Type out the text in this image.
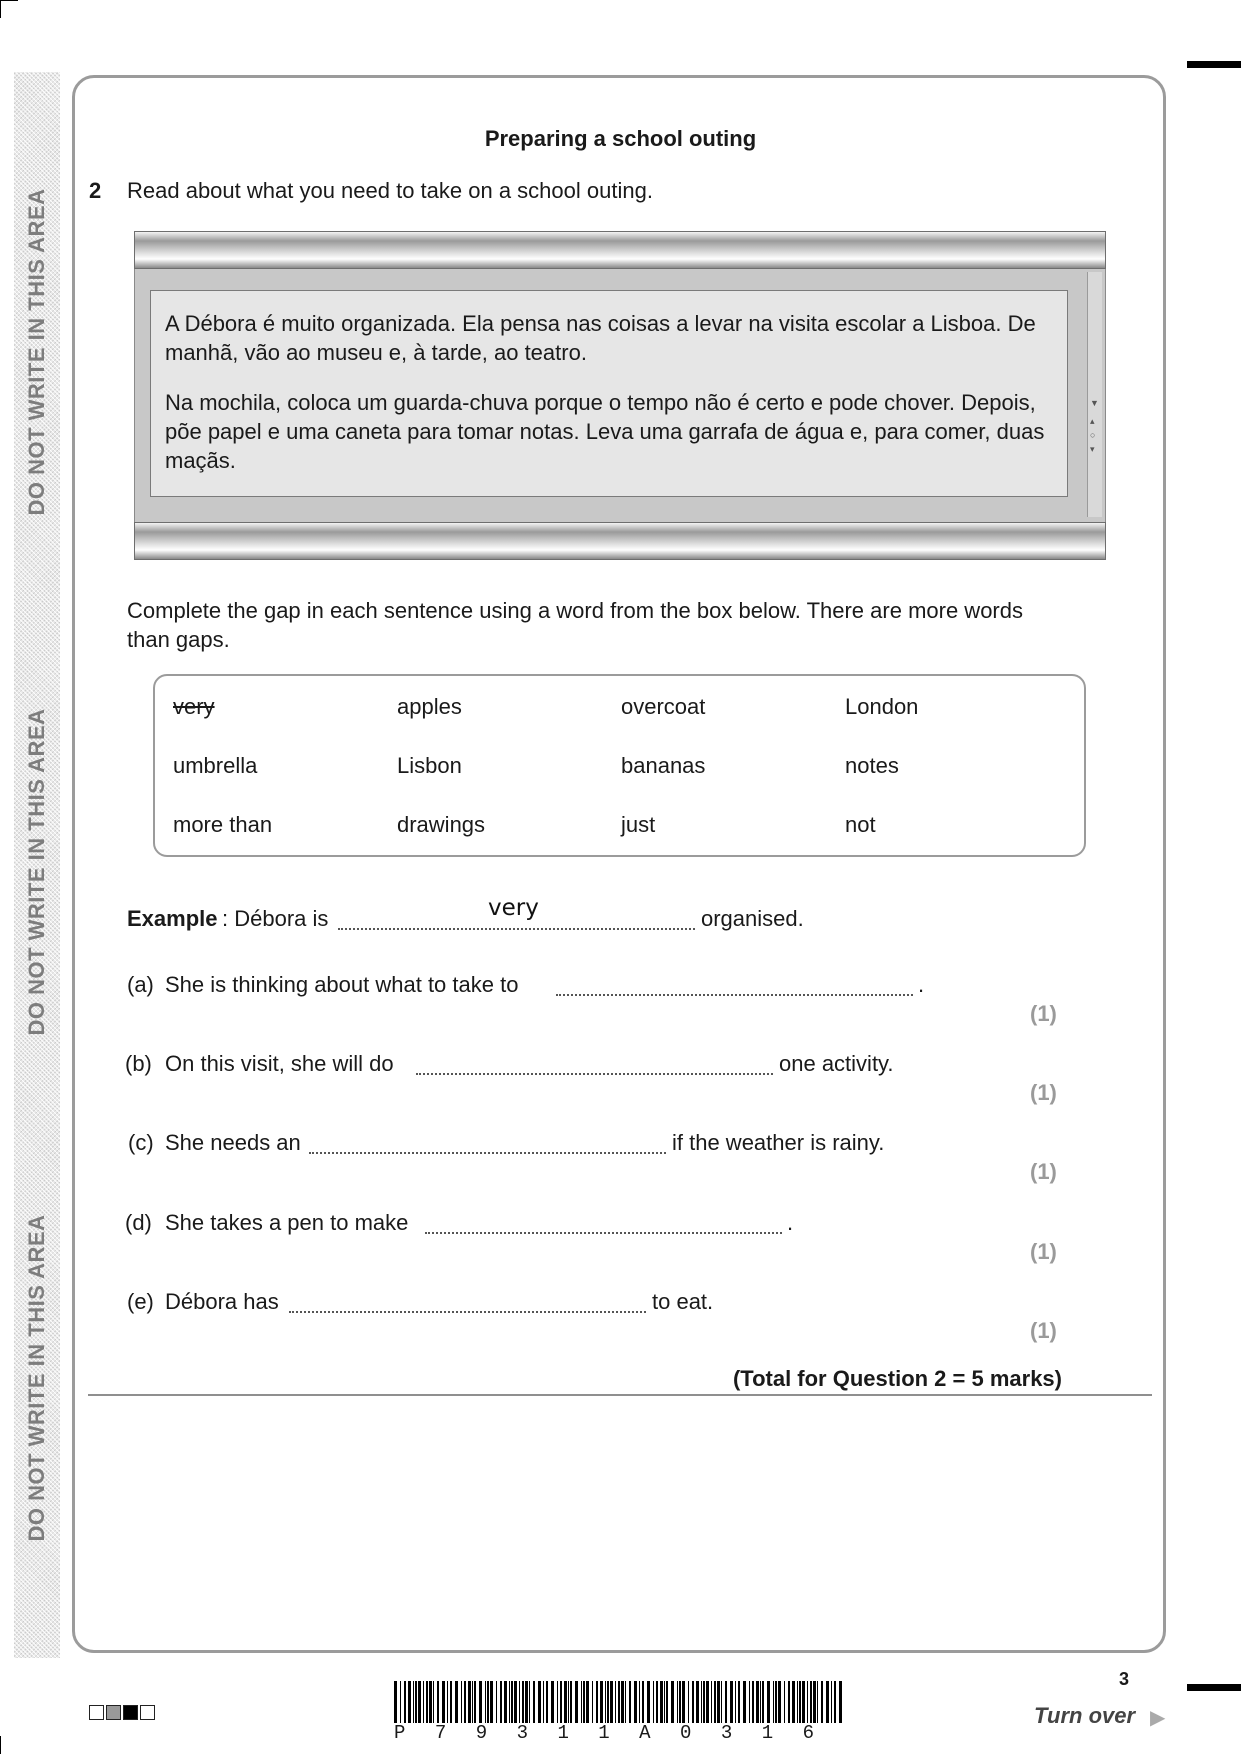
DO NOT WRITE IN THIS AREA
DO NOT WRITE IN THIS AREA
DO NOT WRITE IN THIS AREA
Preparing a school outing
2 Read about what you need to take on a school outing.

A Débora é muito organizada. Ela pensa nas coisas a levar na visita escolar a Lisboa. De manhã, vão ao museu e, à tarde, ao teatro.

Na mochila, coloca um guarda-chuva porque o tempo não é certo e pode chover. Depois, põe papel e uma caneta para tomar notas. Leva uma garrafa de água e, para comer, duas maçãs.

▼
▴
○
▾
Complete the gap in each sentence using a word from the box below. There are more words than gaps.
very	apples	overcoat	London
umbrella	Lisbon	bananas	notes
more than	drawings	just	not
Example : Débora is	very	organised.
(a) She is thinking about what to take to	.
(1)
(b) On this visit, she will do	one activity.
(1)
(c) She needs an	if the weather is rainy.
(1)
(d) She takes a pen to make	.
(1)
(e) Débora has	to eat.
(1)
(Total for Question 2 = 5 marks)
P 7 9 3 1 1 A 0 3 1 6
3
Turn over ▶
